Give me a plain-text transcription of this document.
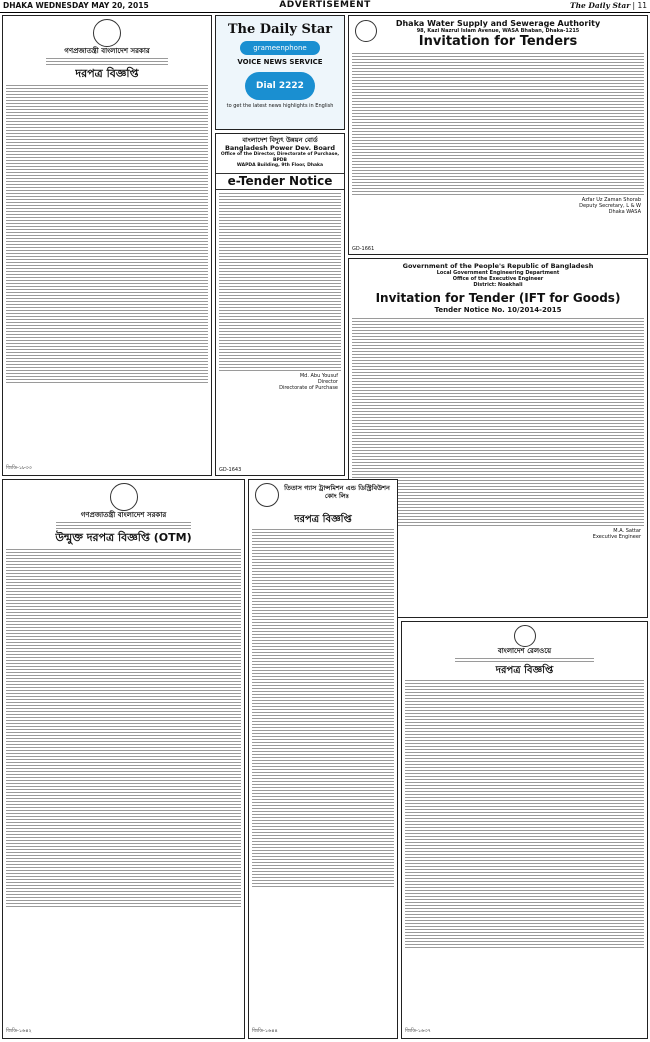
DHAKA WEDNESDAY MAY 20, 2015	ADVERTISEMENT	The Daily Star | 11
গণপ্রজাতন্ত্রী বাংলাদেশ সরকার
দরপত্র বিজ্ঞপ্তি
জিডি-১৮৩৩
The Daily Star
grameenphone
VOICE NEWS SERVICE
Dial 2222
to get the latest news highlights in English
বাংলাদেশ বিদ্যুৎ উন্নয়ন বোর্ড
Bangladesh Power Dev. Board
Office of the Director, Directorate of Purchase, BPDB
WAPDA Building, 9th Floor, Dhaka
e-Tender Notice
Md. Abu Yousuf
Director
Directorate of Purchase
GD-1643
Dhaka Water Supply and Sewerage Authority
98, Kazi Nazrul Islam Avenue, WASA Bhaban, Dhaka-1215
Invitation for Tenders
Azfar Uz Zaman Shorab
Deputy Secretary, L & W
Dhaka WASA
GD-1661
Government of the People's Republic of Bangladesh
Local Government Engineering Department
Office of the Executive Engineer
District: Noakhali
Invitation for Tender (IFT for Goods)
Tender Notice No. 10/2014-2015
M.A. Sattar
Executive Engineer
গণপ্রজাতন্ত্রী বাংলাদেশ সরকার
উন্মুক্ত দরপত্র বিজ্ঞপ্তি (OTM)
জিডি-১৬৪২
তিতাস গ্যাস ট্রান্সমিশন এন্ড ডিস্ট্রিবিউশন কোং লিঃ
দরপত্র বিজ্ঞপ্তি
জিডি-১৬৪৪
বাংলাদেশ রেলওয়ে
দরপত্র বিজ্ঞপ্তি
জিডি-১৬৩৭
